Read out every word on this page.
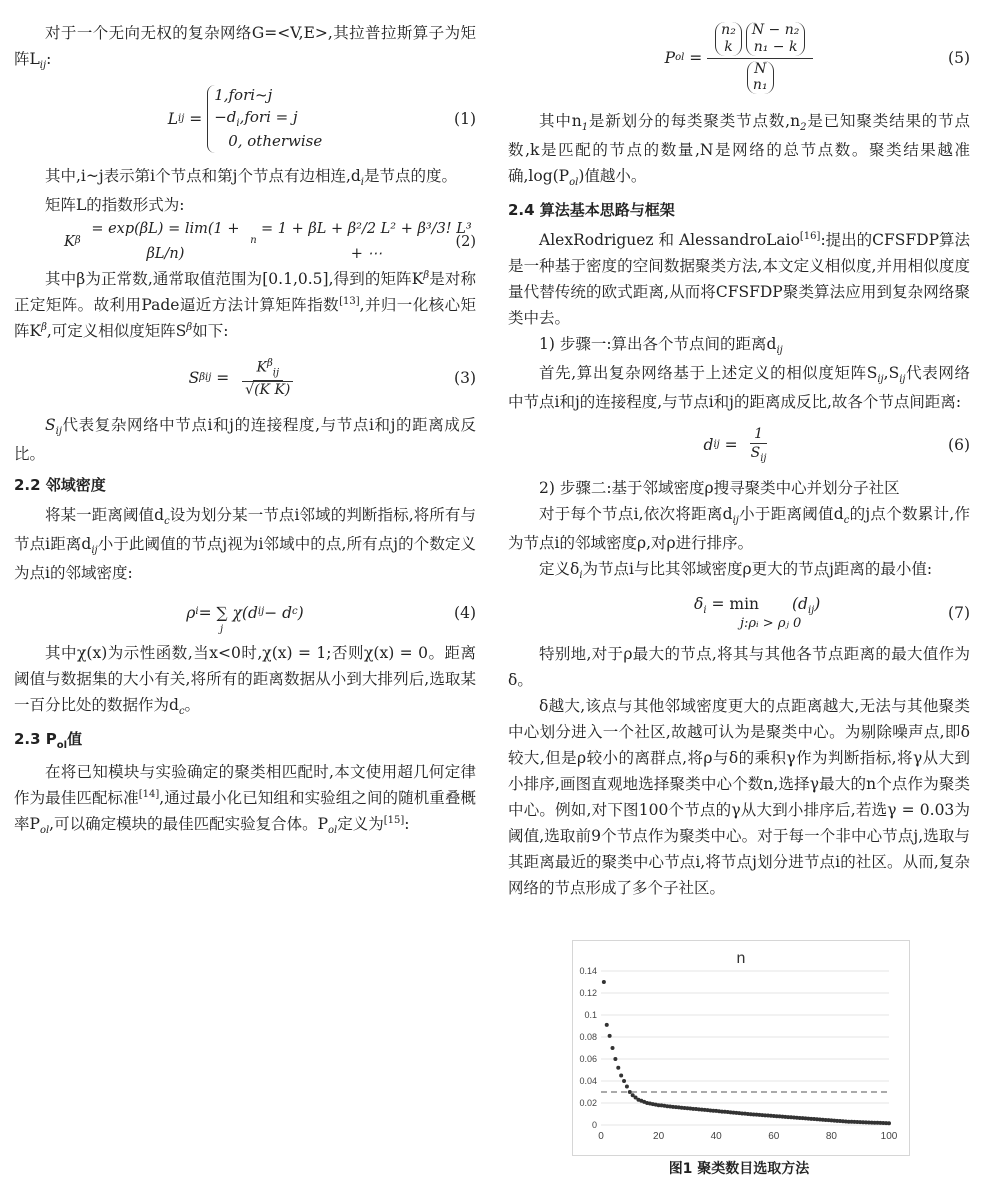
对于一个无向无权的复杂网络G=<V,E>,其拉普拉斯算子为矩阵$L_{ij}$:

L ij =
1,fori~j
$-d_i,fori = j$
0, otherwise
(1)

其中,i~j表示第i个节点和第j个节点有边相连$,d_i$是节点的度。

矩阵L的指数形式为:

K β
= exp(βL) = lim(1 + βL/n)
n
= 1 + βL + β²/2 L² + β³/3! L³ + ⋯
(2)

其中β为正常数,通常取值范围为[0.1,0.5],得到的矩阵$K^\beta$是对称正定矩阵。故利用Pade逼近方法计算矩阵指数[13],并归一化核心矩阵$K^\beta$,可定义相似度矩阵$S^\beta$如下:

S β ij = $\frac{K^\beta_{ij}}{\text{√(K K)}}$	(3)

$S_{ij}$代表复杂网络中节点i和j的连接程度,与节点i和j的距离成反比。

2.2 邻域密度

将某一距离阈值$d_c$设为划分某一节点i邻域的判断指标,将所有与节点i距离$d_{ij}$小于此阈值的节点j视为i邻域中的点,所有点j的个数定义为点i的邻域密度:

ρ i = ∑ χ(d ij − d c )
j
(4)

其中χ(x)为示性函数,当x<0时,χ(x) = 1;否则χ(x) = 0。距离阈值与数据集的大小有关,将所有的距离数据从小到大排列后,选取某一百分比处的数据作为$d_c$。

2.3 $P_{ol}$值

在将已知模块与实验确定的聚类相匹配时,本文使用超几何定律作为最佳匹配标准[14],通过最小化已知组和实验组之间的随机重叠概率$P_{ol}$,可以确定模块的最佳匹配实验复合体。$P_{ol}$定义为[15]:

P ol = n₂
k
N − n₂
n₁ − k
N
n₁	(5)

其中$n_1$是新划分的每类聚类节点数$,n_2$是已知聚类结果的节点数,k是匹配的节点的数量,N是网络的总节点数。聚类结果越准确$,\log(P_{ol})$值越小。

2.4 算法基本思路与框架

AlexRodriguez 和 AlessandroLaio[16]:提出的CFSFDP算法是一种基于密度的空间数据聚类方法,本文定义相似度,并用相似度度量代替传统的欧式距离,从而将CFSFDP聚类算法应用到复杂网络聚类中去。

1) 步骤一:算出各个节点间的距离$d_{ij}$

首先,算出复杂网络基于上述定义的相似度矩阵$S_{ij},S_{ij}$代表网络中节点i和j的连接程度,与节点i和j的距离成反比,故各个节点间距离:

d ij = $\frac{1}{S_{ij}}$	(6)

2) 步骤二:基于邻域密度ρ搜寻聚类中心并划分子社区

对于每个节点i,依次将距离$d_{ij}$小于距离阈值$d_c$的j点个数累计,作为节点i的邻域密度ρ,对ρ进行排序。

定义$\delta_i$为节点i与比其邻域密度ρ更大的节点j距离的最小值:

$\delta_i = \min (d_{ij})$
j:ρᵢ > ρⱼ 0
(7)

特别地,对于ρ最大的节点,将其与其他各节点距离的最大值作为δ。

δ越大,该点与其他邻域密度更大的点距离越大,无法与其他聚类中心划分进入一个社区,故越可认为是聚类中心。为剔除噪声点,即δ较大,但是ρ较小的离群点,将ρ与δ的乘积γ作为判断指标,将γ从大到小排序,画图直观地选择聚类中心个数n,选择γ最大的n个点作为聚类中心。例如,对下图100个节点的γ从大到小排序后,若选γ = 0.03为阈值,选取前9个节点作为聚类中心。对于每一个非中心节点j,选取与其距离最近的聚类中心节点i,将节点j划分进节点i的社区。从而,复杂网络的节点形成了多个子社区。

n
0
0.02
0.04
0.06
0.08
0.1
0.12
0.14
0	20	40	60	80	100
图1 聚类数目选取方法
